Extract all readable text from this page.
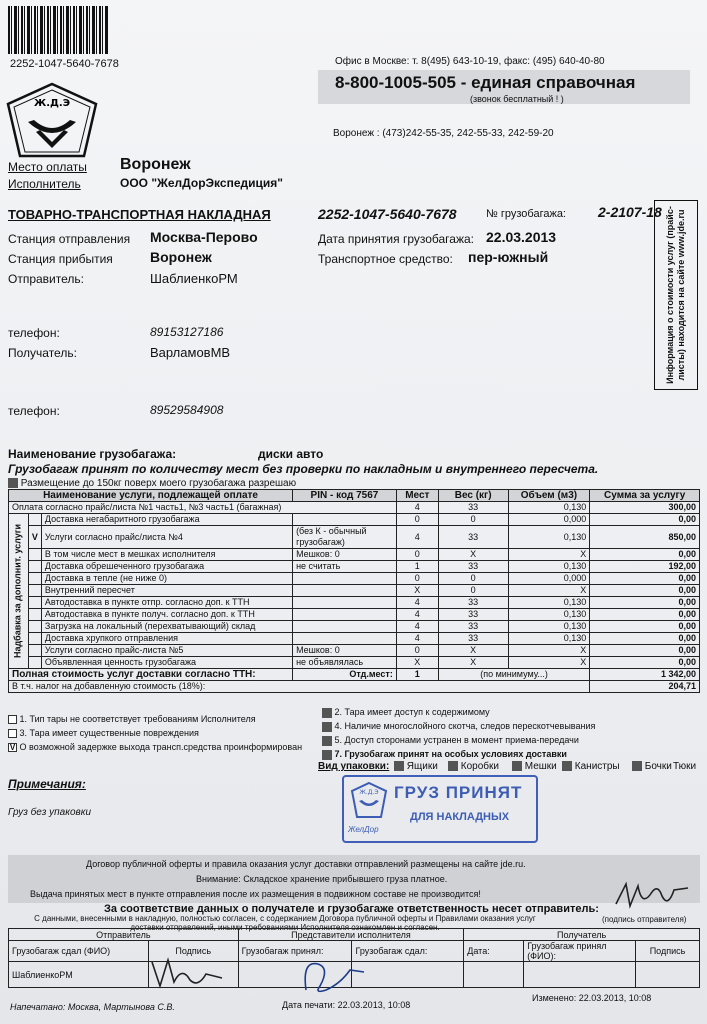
2252-1047-5640-7678
Ж.Д.Э
Офис в Москве: т. 8(495) 643-10-19, факс: (495) 640-40-80
8-800-1005-505 - единая справочная
(звонок бесплатный ! )
Воронеж : (473)242-55-35, 242-55-33, 242-59-20
Место оплаты Воронеж
Исполнитель	ООО "ЖелДорЭкспедиция"
ТОВАРНО-ТРАНСПОРТНАЯ НАКЛАДНАЯ	2252-1047-5640-7678	№ грузобагажа: 2-2107-18
Станция отправления Москва-Перово	Дата принятия грузобагажа: 22.03.2013
Станция прибытия	Воронеж	Транспортное средство: пер-южный
Отправитель:	ШаблиенкоРМ
телефон:	89153127186
Получатель:	ВарламовМВ
телефон:	89529584908
Информация о стоимости услуг (прайс-листы) находится на сайте www.jde.ru
Наименование грузобагажа:	диски авто
Грузобагаж принят по количеству мест без проверки по накладным и внутреннего пересчета.
Размещение до 150кг поверх моего грузобагажа разрешаю
Наименование услуги, подлежащей оплате			PIN - код 7567	Мест	Вес (кг)	Объем (м3)	Сумма за услугу
Оплата согласно прайс/листа №1 часть1, №3 часть1 (багажная)				4	33	0,130	300,00

Надбавка за дополнит. услуги		Доставка негабаритного грузобагажа		0	0	0,000	0,00
	V	Услуги согласно прайс/листа №4	(без К - обычный грузобагаж)	4	33	0,130	850,00
		В том числе мест в мешках исполнителя	Мешков: 0	0	X	X	0,00
		Доставка обрешеченного грузобагажа	не считать	1	33	0,130	192,00
		Доставка в тепле (не ниже 0)		0	0	0,000	0,00
		Внутренний пересчет		X	0	X	0,00
		Автодоставка в пункте отпр. согласно доп. к ТТН		4	33	0,130	0,00
		Автодоставка в пункте получ. согласно доп. к ТТН		4	33	0,130	0,00
		Загрузка на локальный (перехватывающий) склад		4	33	0,130	0,00
		Доставка хрупкого отправления		4	33	0,130	0,00
		Услуги согласно прайс-листа №5	Мешков: 0	0	X	X	0,00
		Объявленная ценность грузобагажа	не объявлялась	X	X	X	0,00
Полная стоимость услуг доставки согласно ТТН:			Отд.мест:	1	(по минимуму...)		1 342,00
В т.ч. налог на добавленную стоимость (18%):							204,71
1. Тип тары не соответствует требованиям Исполнителя
3. Тара имеет существенные повреждения
V О возможной задержке выхода трансп.средства проинформирован
2. Тара имеет доступ к содержимому
4. Наличие многослойного скотча, следов перескотчевывания
5. Доступ сторонами устранен в момент приема-передачи
7. Грузобагаж принят на особых условиях доставки
Вид упаковки:	Ящики	Коробки	Мешки	Канистры	Бочки Тюки
Примечания:
Груз без упаковки
Ж.Д.Э ГРУЗ ПРИНЯТ
ДЛЯ НАКЛАДНЫХ
ЖелДор
Договор публичной оферты и правила оказания услуг доставки отправлений размещены на сайте jde.ru.
Внимание: Складское хранение прибывшего груза платное.
Выдача принятых мест в пункте отправления после их размещения в подвижном составе не производится!
За соответствие данных о получателе и грузобагаже ответственность несет отправитель:
(подпись отправителя)
С данными, внесенными в накладную, полностью согласен, с содержанием Договора публичной оферты и Правилами оказания услуг доставки отправлений, иными требованиями Исполнителя ознакомлен и согласен.
Отправитель		Представители исполнителя		Получатель		
Грузобагаж сдал (ФИО)	Подпись	Грузобагаж принял:	Грузобагаж сдал:	Дата:	Грузобагаж принял (ФИО):	Подпись
ШаблиенкоРМ						
Напечатано: Москва, Мартынова С.В.	Дата печати: 22.03.2013, 10:08
Изменено: 22.03.2013, 10:08
